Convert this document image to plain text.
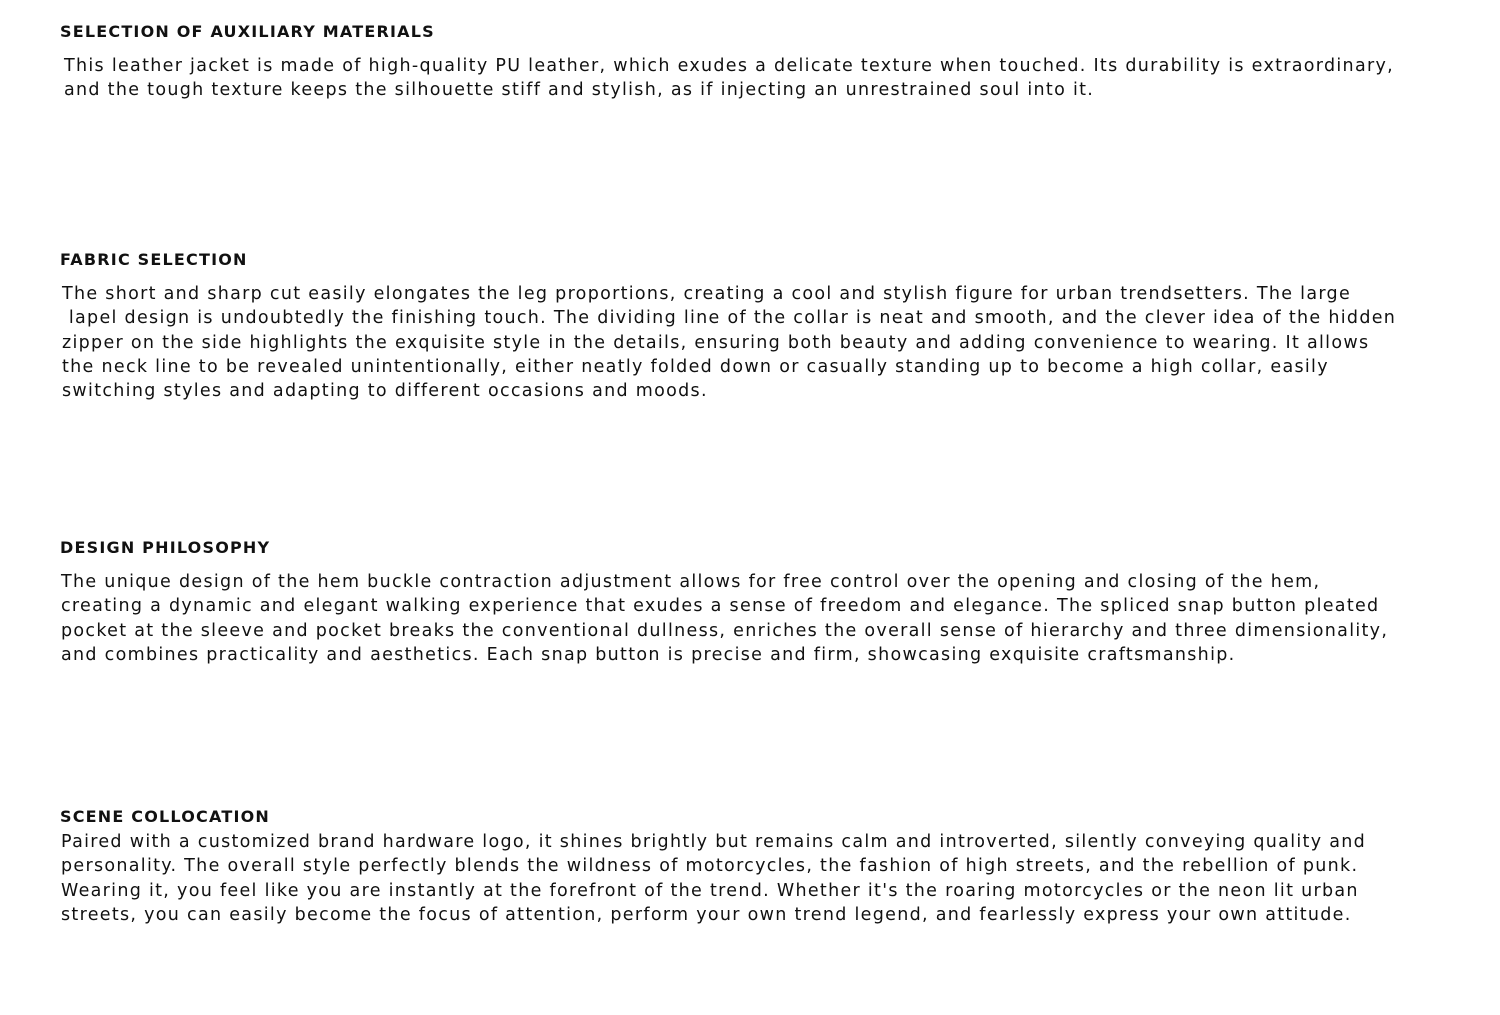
SELECTION OF AUXILIARY MATERIALS

This leather jacket is made of high-quality PU leather, which exudes a delicate texture when touched. Its durability is extraordinary,
and the tough texture keeps the silhouette stiff and stylish, as if injecting an unrestrained soul into it.

FABRIC SELECTION

The short and sharp cut easily elongates the leg proportions, creating a cool and stylish figure for urban trendsetters. The large
lapel design is undoubtedly the finishing touch. The dividing line of the collar is neat and smooth, and the clever idea of the hidden
zipper on the side highlights the exquisite style in the details, ensuring both beauty and adding convenience to wearing. It allows
the neck line to be revealed unintentionally, either neatly folded down or casually standing up to become a high collar, easily
switching styles and adapting to different occasions and moods.

DESIGN PHILOSOPHY

The unique design of the hem buckle contraction adjustment allows for free control over the opening and closing of the hem,
creating a dynamic and elegant walking experience that exudes a sense of freedom and elegance. The spliced snap button pleated
pocket at the sleeve and pocket breaks the conventional dullness, enriches the overall sense of hierarchy and three dimensionality,
and combines practicality and aesthetics. Each snap button is precise and firm, showcasing exquisite craftsmanship.

SCENE COLLOCATION

Paired with a customized brand hardware logo, it shines brightly but remains calm and introverted, silently conveying quality and
personality. The overall style perfectly blends the wildness of motorcycles, the fashion of high streets, and the rebellion of punk.
Wearing it, you feel like you are instantly at the forefront of the trend. Whether it's the roaring motorcycles or the neon lit urban
streets, you can easily become the focus of attention, perform your own trend legend, and fearlessly express your own attitude.
